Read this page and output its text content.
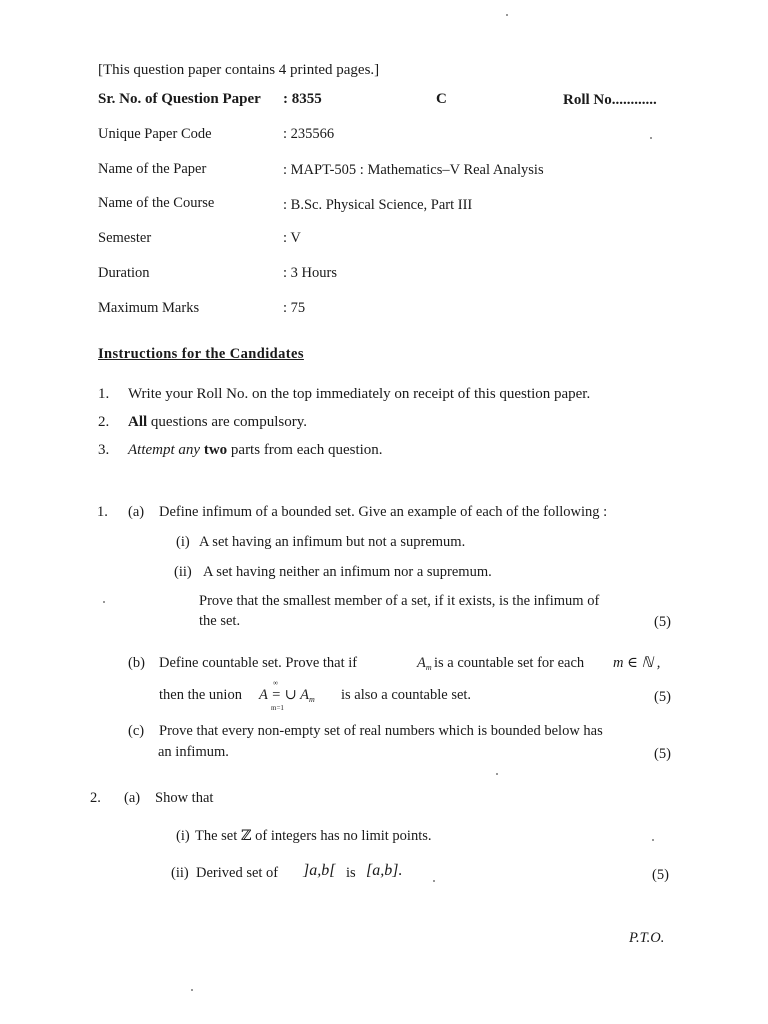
[This question paper contains 4 printed pages.]
Sr. No. of Question Paper : 8355	C	Roll No............
Unique Paper Code	: 235566
Name of the Paper	: MAPT-505 : Mathematics–V Real Analysis
Name of the Course	: B.Sc. Physical Science, Part III
Semester	: V
Duration	: 3 Hours
Maximum Marks	: 75
Instructions for the Candidates
1. Write your Roll No. on the top immediately on receipt of this question paper.
2. All questions are compulsory.
3. Attempt any two parts from each question.
1. (a) Define infimum of a bounded set. Give an example of each of the following :
(i) A set having an infimum but not a supremum.
(ii) A set having neither an infimum nor a supremum.
Prove that the smallest member of a set, if it exists, is the infimum of
the set.	(5)
(b) Define countable set. Prove that if	$A_m$ is a countable set for each m ∈ ℕ ,
then the union
∞
A = ∪ $A_m$
m=1
is also a countable set.	(5)
(c) Prove that every non-empty set of real numbers which is bounded below has
an infimum.	(5)
2. (a) Show that
(i) The set ℤ of integers has no limit points.
(ii) Derived set of ]a,b[ is [a,b].	(5)
P.T.O.
